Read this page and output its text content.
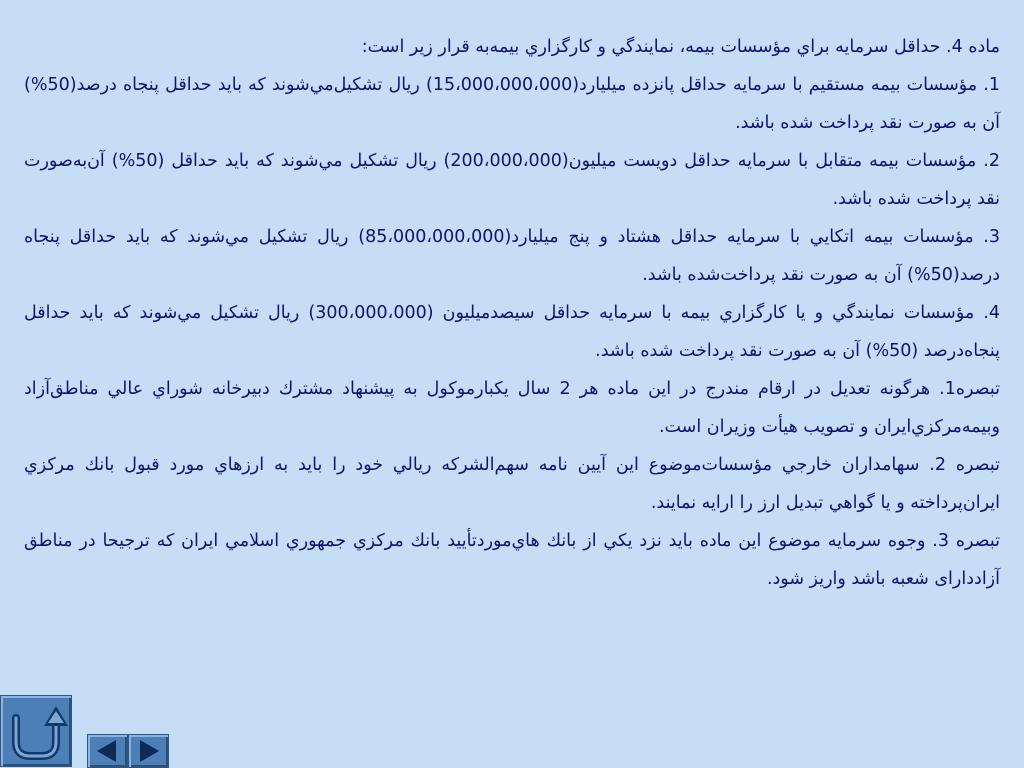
ماده 4. حداقل سرمايه براي مؤسسات بيمه، نمايندگي و كارگزاري بيمه‌به قرار زير است:

1. مؤسسات بيمه مستقيم با سرمايه حداقل پانزده ميليارد(15،000،000،000) ريال تشكيل‌مي‌شوند كه بايد حداقل پنجاه درصد(50%) آن به صورت نقد پرداخت شده باشد.

2. مؤسسات بيمه متقابل با سرمايه حداقل دويست ميليون(200،000،000) ريال تشكيل مي‌شوند كه بايد حداقل (50%) آن‌به‌صورت نقد پرداخت شده باشد.

3. مؤسسات بيمه اتكايي با سرمايه حداقل هشتاد و پنج ميليارد(85،000،000،000) ريال تشكيل مي‌شوند كه بايد حداقل پنجاه درصد(50%) آن به صورت نقد پرداخت‌شده باشد.

4. مؤسسات نمايندگي و يا كارگزاري بيمه با سرمايه حداقل سيصدميليون (300،000،000) ريال تشكيل مي‌شوند كه بايد حداقل پنجاه‌درصد (50%) آن به صورت نقد پرداخت شده باشد.

تبصره1. هرگونه تعديل در ارقام مندرج در اين ماده هر 2 سال يكبارموكول به پيشنهاد مشترك دبيرخانه شوراي عالي مناطق‌آزاد وبيمه‌مركزي‌ايران و تصويب هيأت وزيران است.

تبصره 2. سهامداران خارجي مؤسسات‌موضوع اين آيين نامه سهم‌الشركه ريالي خود را بايد به ارزهاي مورد قبول بانك مركزي ايران‌پرداخته و يا گواهي تبديل ارز را ارايه نمايند.

تبصره 3. وجوه سرمايه موضوع اين ماده بايد نزد يكي از بانك هاي‌موردتأييد بانك مركزي جمهوري اسلامي ايران كه ترجيحا در مناطق آزاددارای شعبه باشد واريز شود.
